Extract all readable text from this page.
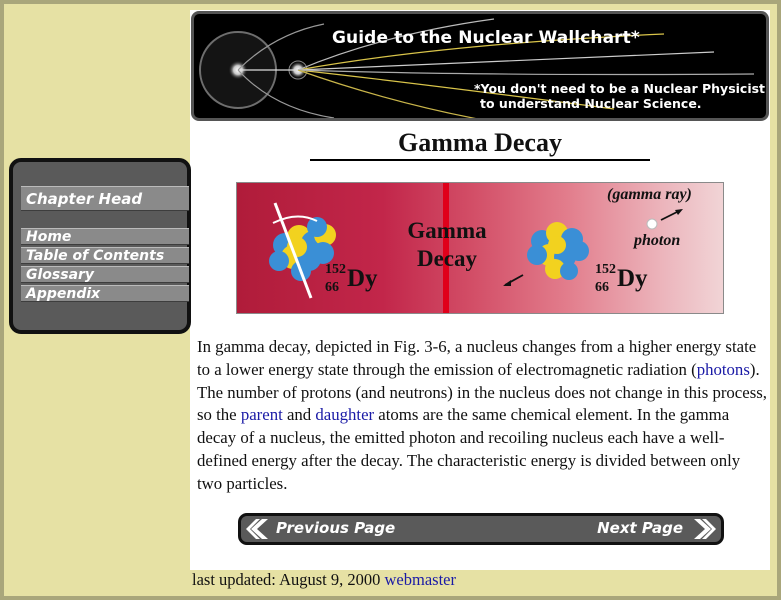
Guide to the Nuclear Wallchart*
*You don't need to be a Nuclear Physicist
to understand Nuclear Science.
Gamma Decay
Gamma
Decay
(gamma ray)
photon
152
66 Dy	152
66 Dy
Chapter Head
Home
Table of Contents
Glossary
Appendix
In gamma decay, depicted in Fig. 3-6, a nucleus changes from a higher energy state to a lower energy state through the emission of electromagnetic radiation (photons). The number of protons (and neutrons) in the nucleus does not change in this process, so the parent and daughter atoms are the same chemical element. In the gamma decay of a nucleus, the emitted photon and recoiling nucleus each have a well-defined energy after the decay. The characteristic energy is divided between only two particles.
Previous Page	Next Page
last updated: August 9, 2000 webmaster
